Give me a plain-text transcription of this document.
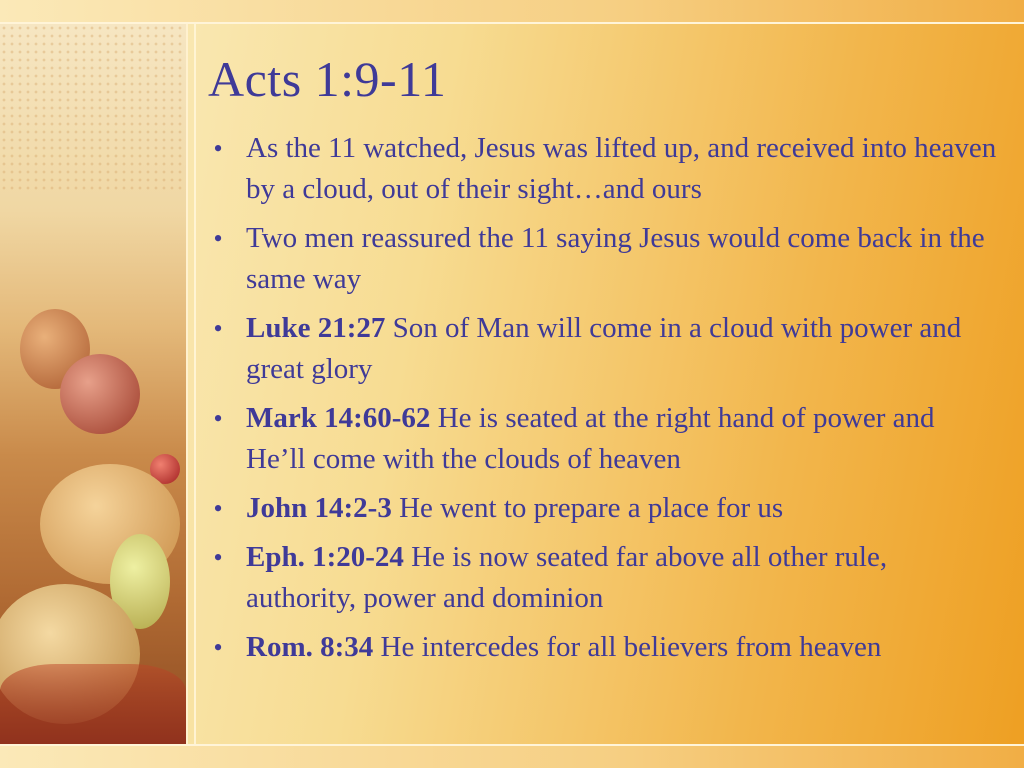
Acts 1:9-11
• As the 11 watched, Jesus was lifted up, and received into heaven by a cloud, out of their sight…and ours
• Two men reassured the 11 saying Jesus would come back in the same way
• Luke 21:27 Son of Man will come in a cloud with power and great glory
• Mark 14:60-62 He is seated at the right hand of power and He’ll come with the clouds of heaven
• John 14:2-3 He went to prepare a place for us
• Eph. 1:20-24 He is now seated far above all other rule, authority, power and dominion
• Rom. 8:34 He intercedes for all believers from heaven
